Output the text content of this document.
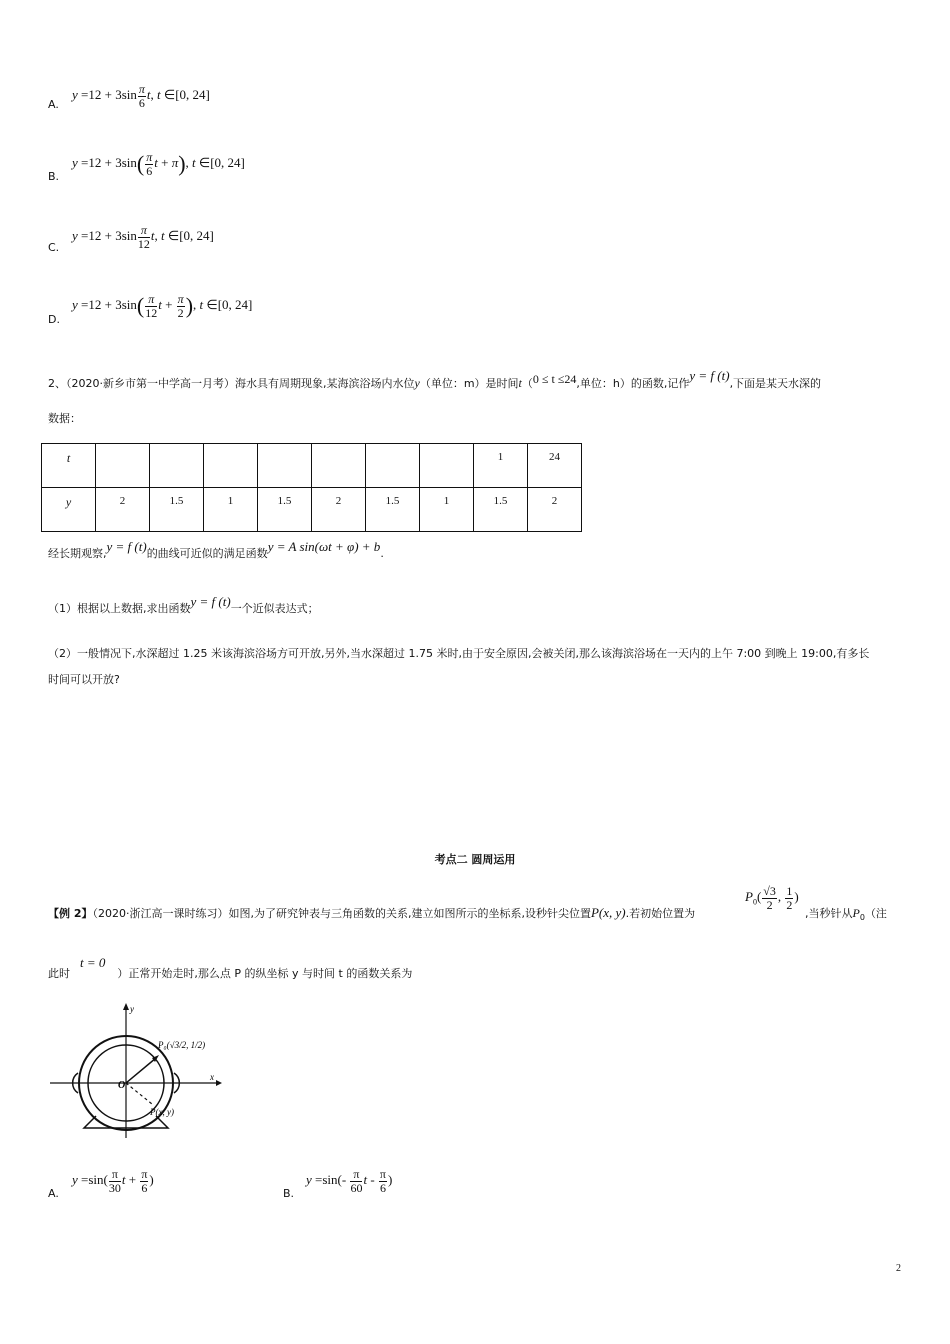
A.
$y =12 + 3\sin \frac{\pi}{6} t$, t ∈[0, 24]
B.
$y =12 + 3\sin( \frac{\pi}{6}$ t + π), t ∈[0, 24]
C.
$y =12 + 3\sin \frac{\pi}{12} t$, t ∈[0, 24]
D.
$y =12 + 3\sin( \frac{\pi}{12}$ $t + \frac{\pi}{2}$ ), t ∈[0, 24]
2、（2020·新乡市第一中学高一月考）海水具有周期现象,某海滨浴场内水位y（单位：m）是时间t（0 ≤ t ≤24,单位：h）的函数,记作y = f (t),下面是某天水深的
数据：
t								1	24
y	2	1.5	1	1.5	2	1.5	1	1.5	2
经长期观察,y = f (t)的曲线可近似的满足函数y = A sin(ωt + φ) + b.
（1）根据以上数据,求出函数y = f (t)一个近似表达式；
（2）一般情况下,水深超过 1.25 米该海滨浴场方可开放,另外,当水深超过 1.75 米时,由于安全原因,会被关闭,那么该海滨浴场在一天内的上午 7:00 到晚上 19:00,有多长
时间可以开放?
考点二 圆周运用
【例 2】（2020·浙江高一课时练习）如图,为了研究钟表与三角函数的关系,建立如图所示的坐标系,设秒针尖位置P(x, y).若初始位置为
$P_0( \frac{√3}{2}$ , $\frac{1}{2}$ )
,当秒针从$P_0$（注
此时t = 0）正常开始走时,那么点 P 的纵坐标 y 与时间 t 的函数关系为
O
y
x
P₀(√3/2, 1/2)
P(x, y)
A.
$y =\sin( \frac{\pi}{30}$ $t + \frac{\pi}{6}$ )
B.
$y =\sin(- \frac{\pi}{60}$ t - $\frac{\pi}{6}$ )
2
